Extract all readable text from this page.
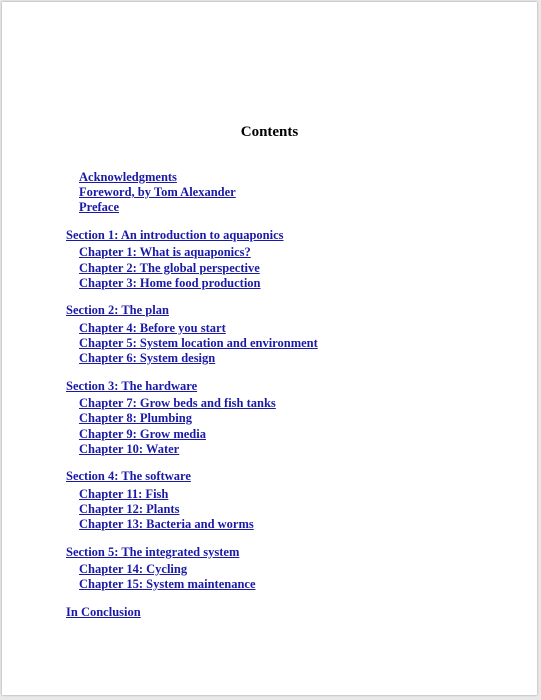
Contents
Acknowledgments
Foreword, by Tom Alexander
Preface
Section 1: An introduction to aquaponics
Chapter 1: What is aquaponics?
Chapter 2: The global perspective
Chapter 3: Home food production
Section 2: The plan
Chapter 4: Before you start
Chapter 5: System location and environment
Chapter 6: System design
Section 3: The hardware
Chapter 7: Grow beds and fish tanks
Chapter 8: Plumbing
Chapter 9: Grow media
Chapter 10: Water
Section 4: The software
Chapter 11: Fish
Chapter 12: Plants
Chapter 13: Bacteria and worms
Section 5: The integrated system
Chapter 14: Cycling
Chapter 15: System maintenance
In Conclusion
